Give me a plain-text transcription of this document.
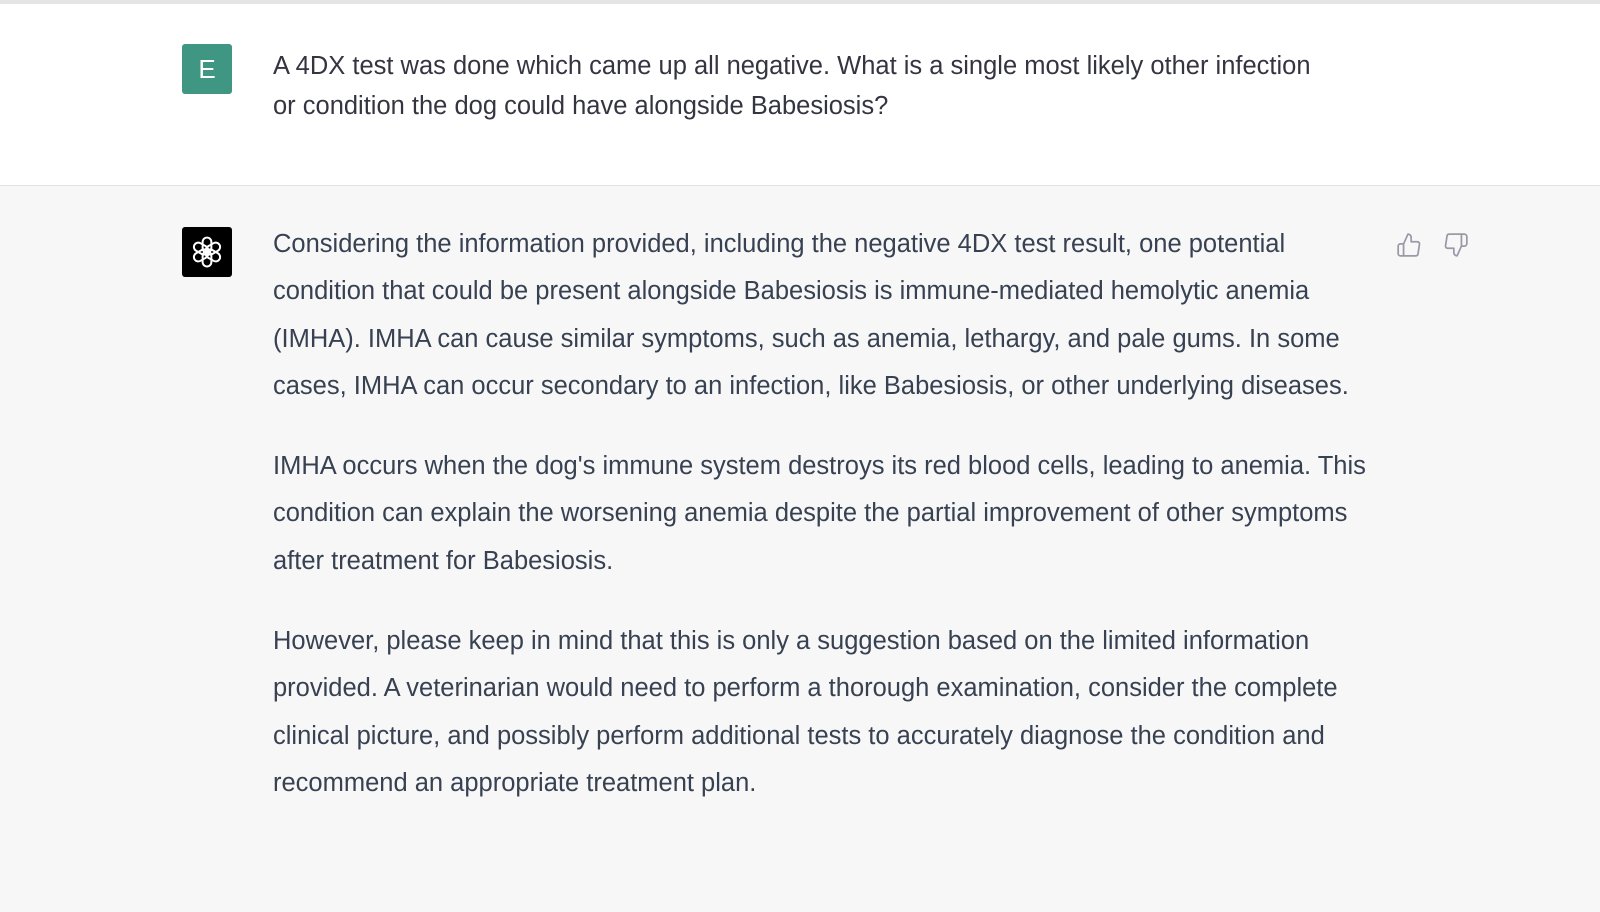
E	A 4DX test was done which came up all negative. What is a single most likely other infection or condition the dog could have alongside Babesiosis?

Considering the information provided, including the negative 4DX test result, one potential condition that could be present alongside Babesiosis is immune-mediated hemolytic anemia (IMHA). IMHA can cause similar symptoms, such as anemia, lethargy, and pale gums. In some cases, IMHA can occur secondary to an infection, like Babesiosis, or other underlying diseases.

IMHA occurs when the dog's immune system destroys its red blood cells, leading to anemia. This condition can explain the worsening anemia despite the partial improvement of other symptoms after treatment for Babesiosis.

However, please keep in mind that this is only a suggestion based on the limited information provided. A veterinarian would need to perform a thorough examination, consider the complete clinical picture, and possibly perform additional tests to accurately diagnose the condition and recommend an appropriate treatment plan.
